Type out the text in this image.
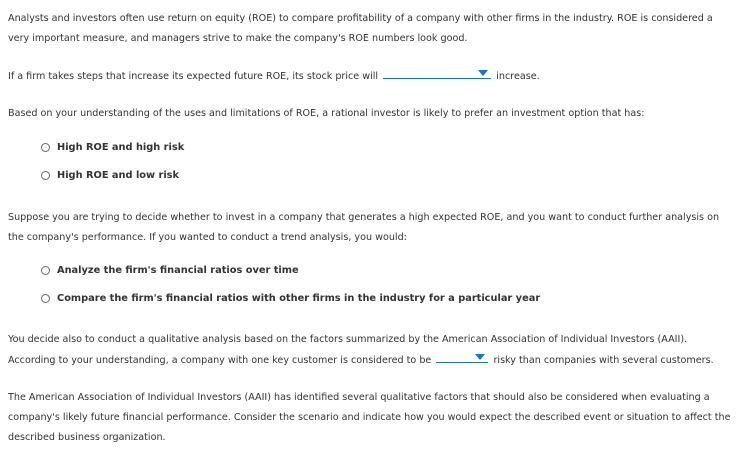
Analysts and investors often use return on equity (ROE) to compare profitability of a company with other firms in the industry. ROE is considered a
very important measure, and managers strive to make the company's ROE numbers look good.

If a firm takes steps that increase its expected future ROE, its stock price will	increase.

Based on your understanding of the uses and limitations of ROE, a rational investor is likely to prefer an investment option that has:

High ROE and high risk
High ROE and low risk

Suppose you are trying to decide whether to invest in a company that generates a high expected ROE, and you want to conduct further analysis on
the company's performance. If you wanted to conduct a trend analysis, you would:

Analyze the firm's financial ratios over time
Compare the firm's financial ratios with other firms in the industry for a particular year

You decide also to conduct a qualitative analysis based on the factors summarized by the American Association of Individual Investors (AAII).
According to your understanding, a company with one key customer is considered to be	risky than companies with several customers.

The American Association of Individual Investors (AAII) has identified several qualitative factors that should also be considered when evaluating a
company's likely future financial performance. Consider the scenario and indicate how you would expect the described event or situation to affect the
described business organization.
